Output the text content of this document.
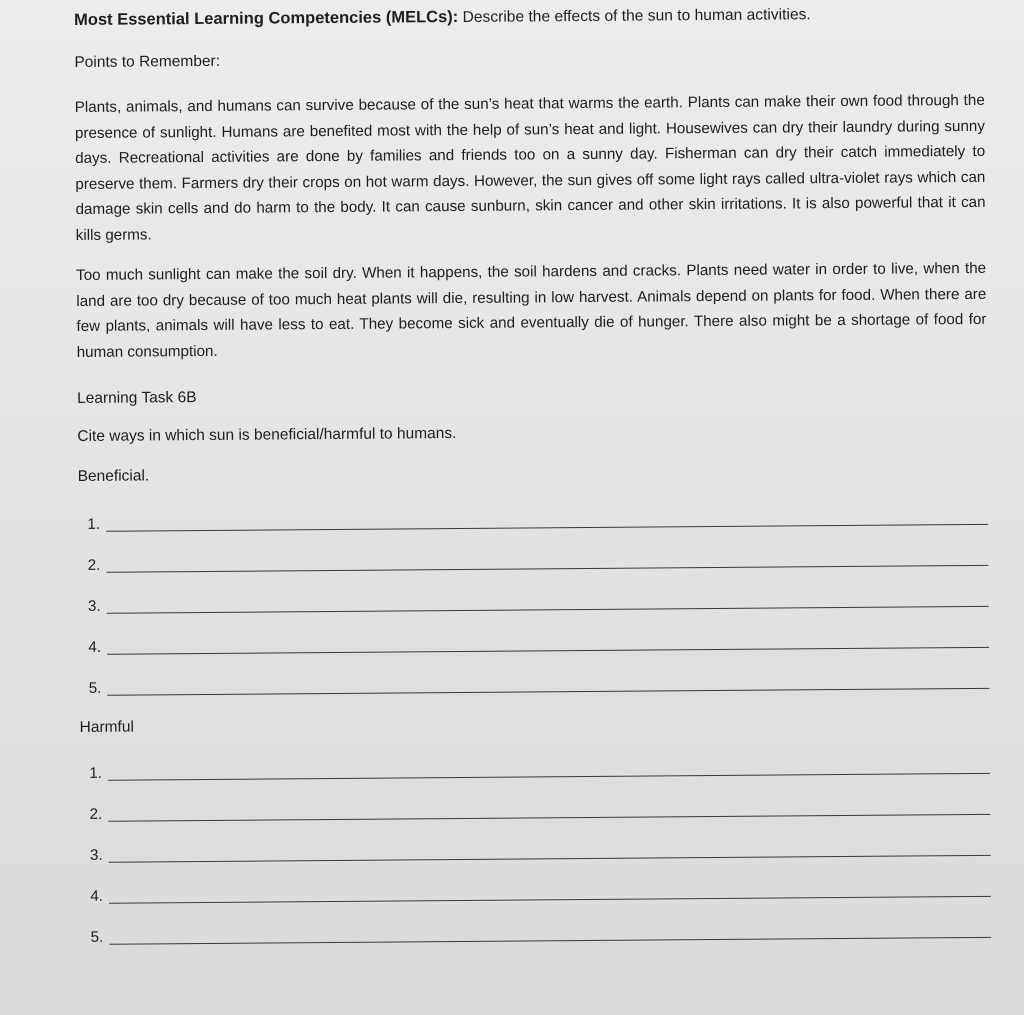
Most Essential Learning Competencies (MELCs): Describe the effects of the sun to human activities.

Points to Remember:

Plants, animals, and humans can survive because of the sun’s heat that warms the earth. Plants can make their own food through the presence of sunlight. Humans are benefited most with the help of sun’s heat and light. Housewives can dry their laundry during sunny days. Recreational activities are done by families and friends too on a sunny day. Fisherman can dry their catch immediately to preserve them. Farmers dry their crops on hot warm days. However, the sun gives off some light rays called ultra-violet rays which can damage skin cells and do harm to the body. It can cause sunburn, skin cancer and other skin irritations. It is also powerful that it can kills germs.

Too much sunlight can make the soil dry. When it happens, the soil hardens and cracks. Plants need water in order to live, when the land are too dry because of too much heat plants will die, resulting in low harvest. Animals depend on plants for food. When there are few plants, animals will have less to eat. They become sick and eventually die of hunger. There also might be a shortage of food for human consumption.

Learning Task 6B
Cite ways in which sun is beneficial/harmful to humans.
Beneficial.
1.
2.
3.
4.
5.
Harmful
1.
2.
3.
4.
5.
